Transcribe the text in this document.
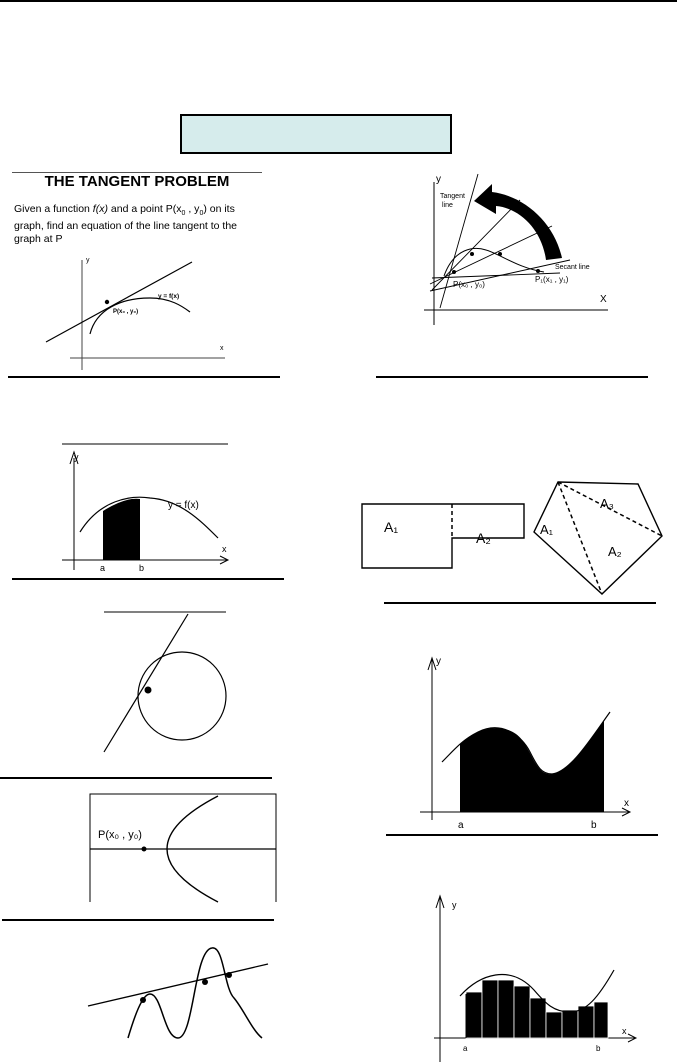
THE TANGENT PROBLEM
Given a function f(x) and a point $P(x_0$ , $y_0$) on its graph, find an equation of the line tangent to the graph at P
y
x
y = f(x)
P(x₀ , y₀)
y
X
Tangent
line
Secant line
P(x₀ , y₀)
P₁(x₁ , y₁)
y
x
y = f(x)
a	b
A₁
A₂
A₃
A₁
A₂
y
x
a	b
P(x₀ , y₀)
y
x
a	b
